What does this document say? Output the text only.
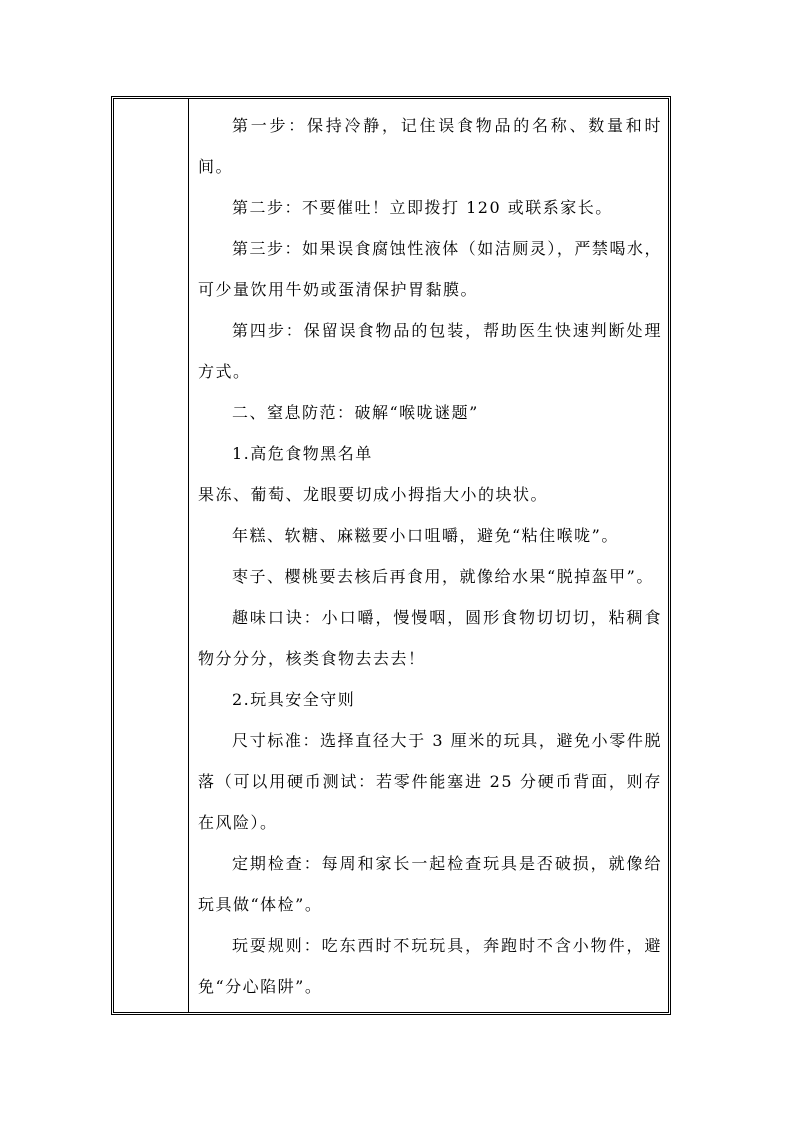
第一步：保持冷静，记住误食物品的名称、数量和时间。

第二步：不要催吐！立即拨打 120 或联系家长。

第三步：如果误食腐蚀性液体（如洁厕灵），严禁喝水，可少量饮用牛奶或蛋清保护胃黏膜。

第四步：保留误食物品的包装，帮助医生快速判断处理方式。

二、窒息防范：破解“喉咙谜题”

1.高危食物黑名单

果冻、葡萄、龙眼要切成小拇指大小的块状。

年糕、软糖、麻糍要小口咀嚼，避免“粘住喉咙”。

枣子、樱桃要去核后再食用，就像给水果“脱掉盔甲”。

趣味口诀：小口嚼，慢慢咽，圆形食物切切切，粘稠食物分分分，核类食物去去去！

2.玩具安全守则

尺寸标准：选择直径大于 3 厘米的玩具，避免小零件脱落（可以用硬币测试：若零件能塞进 25 分硬币背面，则存在风险）。

定期检查：每周和家长一起检查玩具是否破损，就像给玩具做“体检”。

玩耍规则：吃东西时不玩玩具，奔跑时不含小物件，避免“分心陷阱”。
